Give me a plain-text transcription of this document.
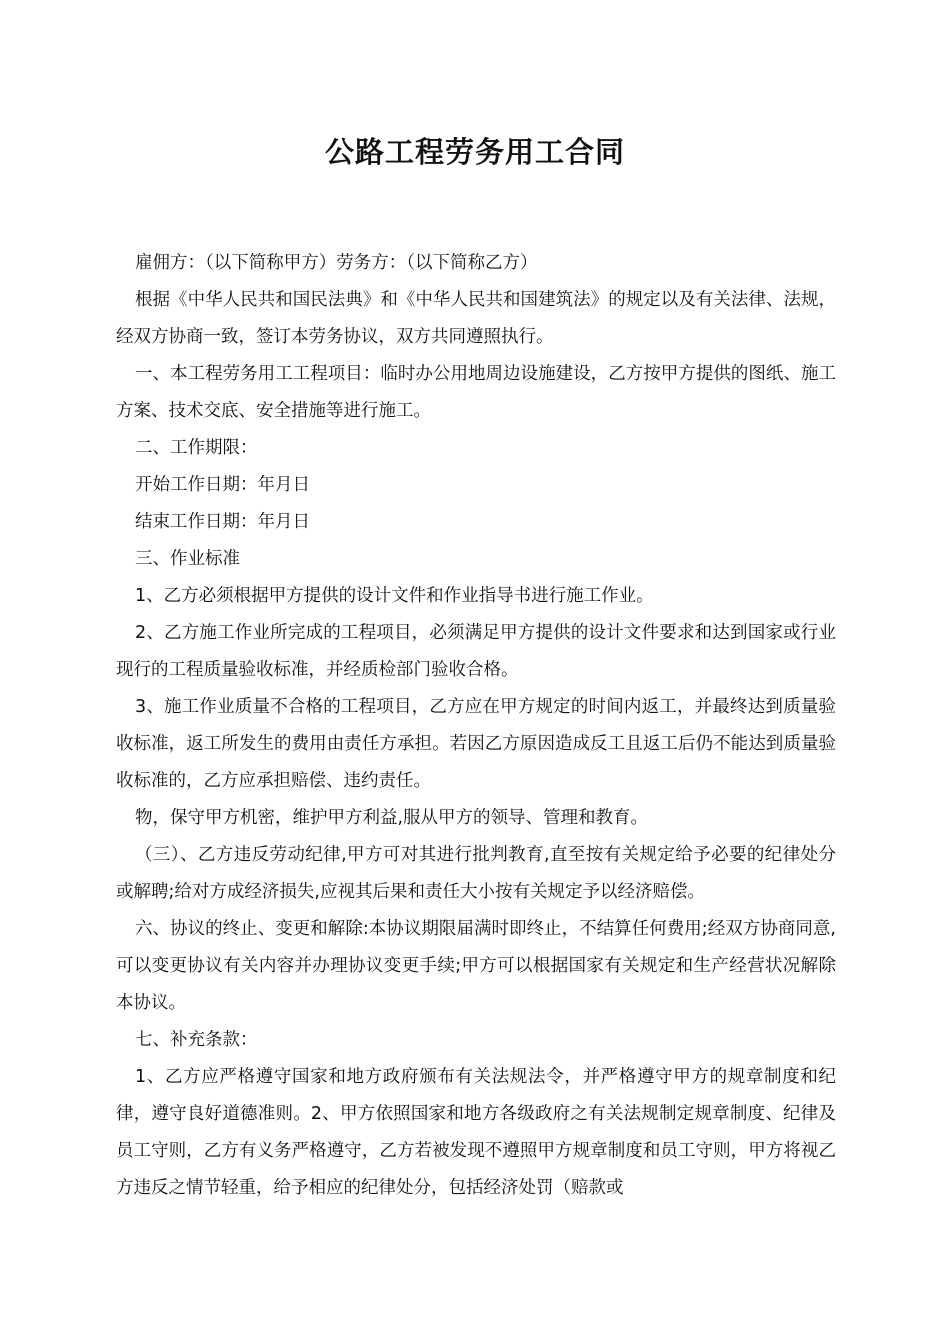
公路工程劳务用工合同

雇佣方：（以下简称甲方）劳务方：（以下简称乙方）

根据《中华人民共和国民法典》和《中华人民共和国建筑法》的规定以及有关法律、法规，经双方协商一致，签订本劳务协议，双方共同遵照执行。

一、本工程劳务用工工程项目：临时办公用地周边设施建设，乙方按甲方提供的图纸、施工方案、技术交底、安全措施等进行施工。

二、工作期限：

开始工作日期：年月日

结束工作日期：年月日

三、作业标准

1、乙方必须根据甲方提供的设计文件和作业指导书进行施工作业。

2、乙方施工作业所完成的工程项目，必须满足甲方提供的设计文件要求和达到国家或行业现行的工程质量验收标准，并经质检部门验收合格。

3、施工作业质量不合格的工程项目，乙方应在甲方规定的时间内返工，并最终达到质量验收标准，返工所发生的费用由责任方承担。若因乙方原因造成反工且返工后仍不能达到质量验收标准的，乙方应承担赔偿、违约责任。

物，保守甲方机密，维护甲方利益,服从甲方的领导、管理和教育。

（三）、乙方违反劳动纪律,甲方可对其进行批判教育,直至按有关规定给予必要的纪律处分或解聘;给对方成经济损失,应视其后果和责任大小按有关规定予以经济赔偿。

六、协议的终止、变更和解除:本协议期限届满时即终止，不结算任何费用;经双方协商同意,可以变更协议有关内容并办理协议变更手续;甲方可以根据国家有关规定和生产经营状况解除本协议。

七、补充条款：

1、乙方应严格遵守国家和地方政府颁布有关法规法令，并严格遵守甲方的规章制度和纪律，遵守良好道德准则。2、甲方依照国家和地方各级政府之有关法规制定规章制度、纪律及员工守则，乙方有义务严格遵守，乙方若被发现不遵照甲方规章制度和员工守则，甲方将视乙方违反之情节轻重，给予相应的纪律处分，包括经济处罚（赔款或
